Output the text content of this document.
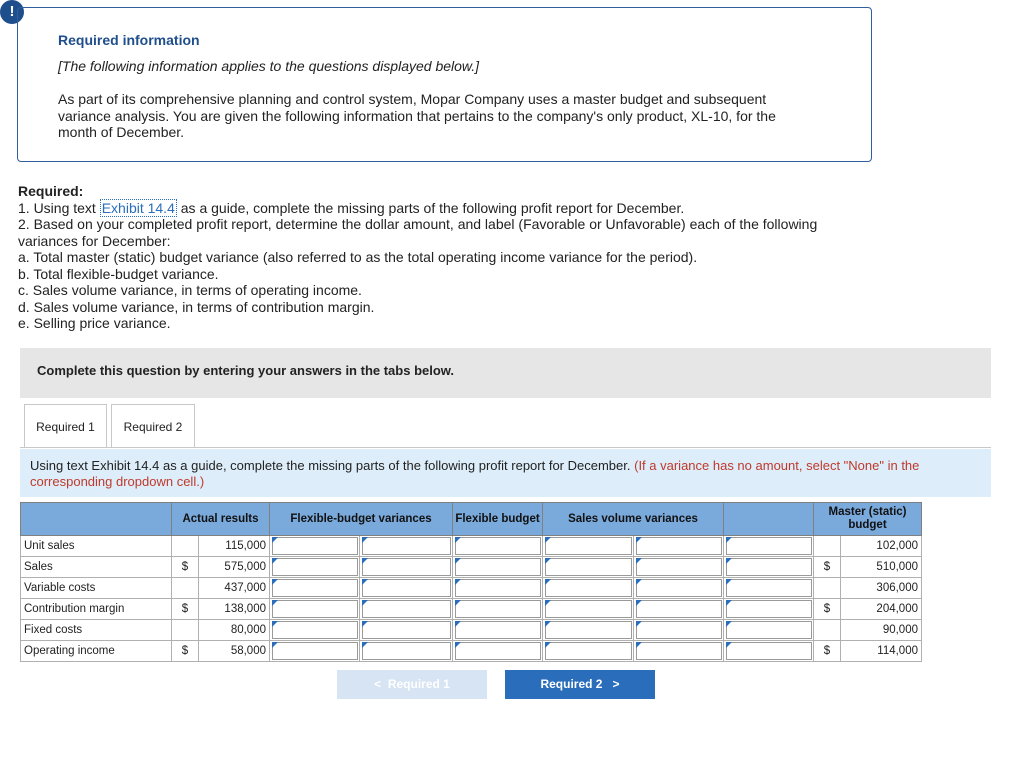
!
Required information
[The following information applies to the questions displayed below.]
As part of its comprehensive planning and control system, Mopar Company uses a master budget and subsequent variance analysis. You are given the following information that pertains to the company's only product, XL-10, for the month of December.
Required:
1. Using text Exhibit 14.4 as a guide, complete the missing parts of the following profit report for December.
2. Based on your completed profit report, determine the dollar amount, and label (Favorable or Unfavorable) each of the following variances for December:
a. Total master (static) budget variance (also referred to as the total operating income variance for the period).
b. Total flexible-budget variance.
c. Sales volume variance, in terms of operating income.
d. Sales volume variance, in terms of contribution margin.
e. Selling price variance.
Complete this question by entering your answers in the tabs below.
Required 1	Required 2
Using text Exhibit 14.4 as a guide, complete the missing parts of the following profit report for December. (If a variance has no amount, select "None" in the corresponding dropdown cell.)
	Actual results		Flexible-budget variances		Flexible budget	Sales volume variances			Master (static) budget	
Unit sales		115,000								102,000
Sales	$	575,000							$	510,000
Variable costs		437,000								306,000
Contribution margin	$	138,000							$	204,000
Fixed costs		80,000								90,000
Operating income	$	58,000							$	114,000
< Required 1	Required 2 >
